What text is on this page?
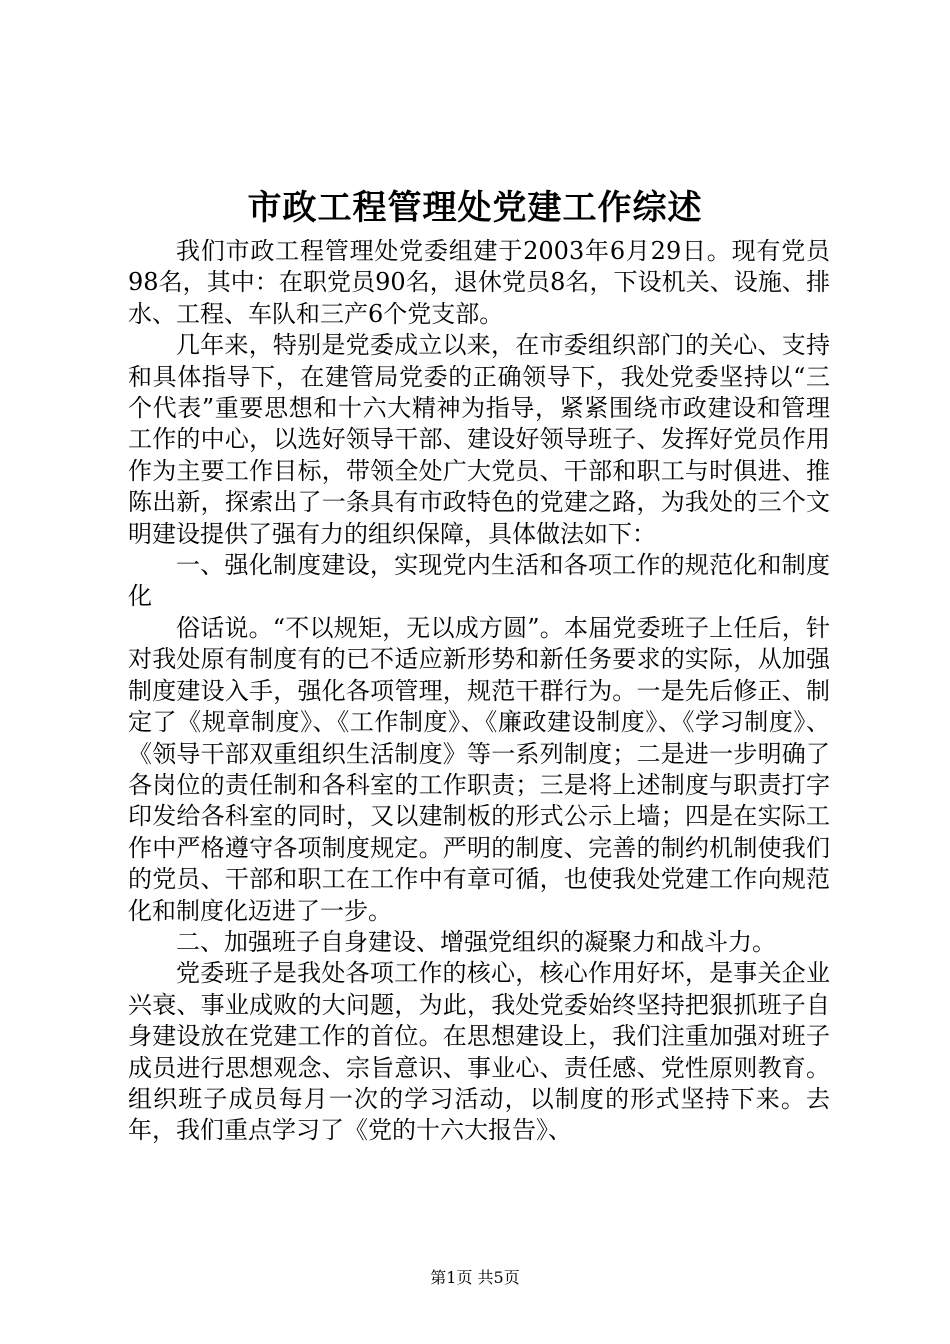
市政工程管理处党建工作综述

我们市政工程管理处党委组建于2003年6月29日。现有党员98名，其中：在职党员90名，退休党员8名，下设机关、设施、排水、工程、车队和三产6个党支部。

几年来，特别是党委成立以来，在市委组织部门的关心、支持和具体指导下，在建管局党委的正确领导下，我处党委坚持以“三个代表”重要思想和十六大精神为指导，紧紧围绕市政建设和管理工作的中心，以选好领导干部、建设好领导班子、发挥好党员作用作为主要工作目标，带领全处广大党员、干部和职工与时俱进、推陈出新，探索出了一条具有市政特色的党建之路，为我处的三个文明建设提供了强有力的组织保障，具体做法如下：

一、强化制度建设，实现党内生活和各项工作的规范化和制度化

俗话说。“不以规矩，无以成方圆”。本届党委班子上任后，针对我处原有制度有的已不适应新形势和新任务要求的实际，从加强制度建设入手，强化各项管理，规范干群行为。一是先后修正、制定了《规章制度》、《工作制度》、《廉政建设制度》、《学习制度》、《领导干部双重组织生活制度》等一系列制度；二是进一步明确了各岗位的责任制和各科室的工作职责；三是将上述制度与职责打字印发给各科室的同时，又以建制板的形式公示上墙；四是在实际工作中严格遵守各项制度规定。严明的制度、完善的制约机制使我们的党员、干部和职工在工作中有章可循，也使我处党建工作向规范化和制度化迈进了一步。

二、加强班子自身建设、增强党组织的凝聚力和战斗力。

党委班子是我处各项工作的核心，核心作用好坏，是事关企业兴衰、事业成败的大问题，为此，我处党委始终坚持把狠抓班子自身建设放在党建工作的首位。在思想建设上，我们注重加强对班子成员进行思想观念、宗旨意识、事业心、责任感、党性原则教育。组织班子成员每月一次的学习活动，以制度的形式坚持下来。去年，我们重点学习了《党的十六大报告》、

第1页 共5页
